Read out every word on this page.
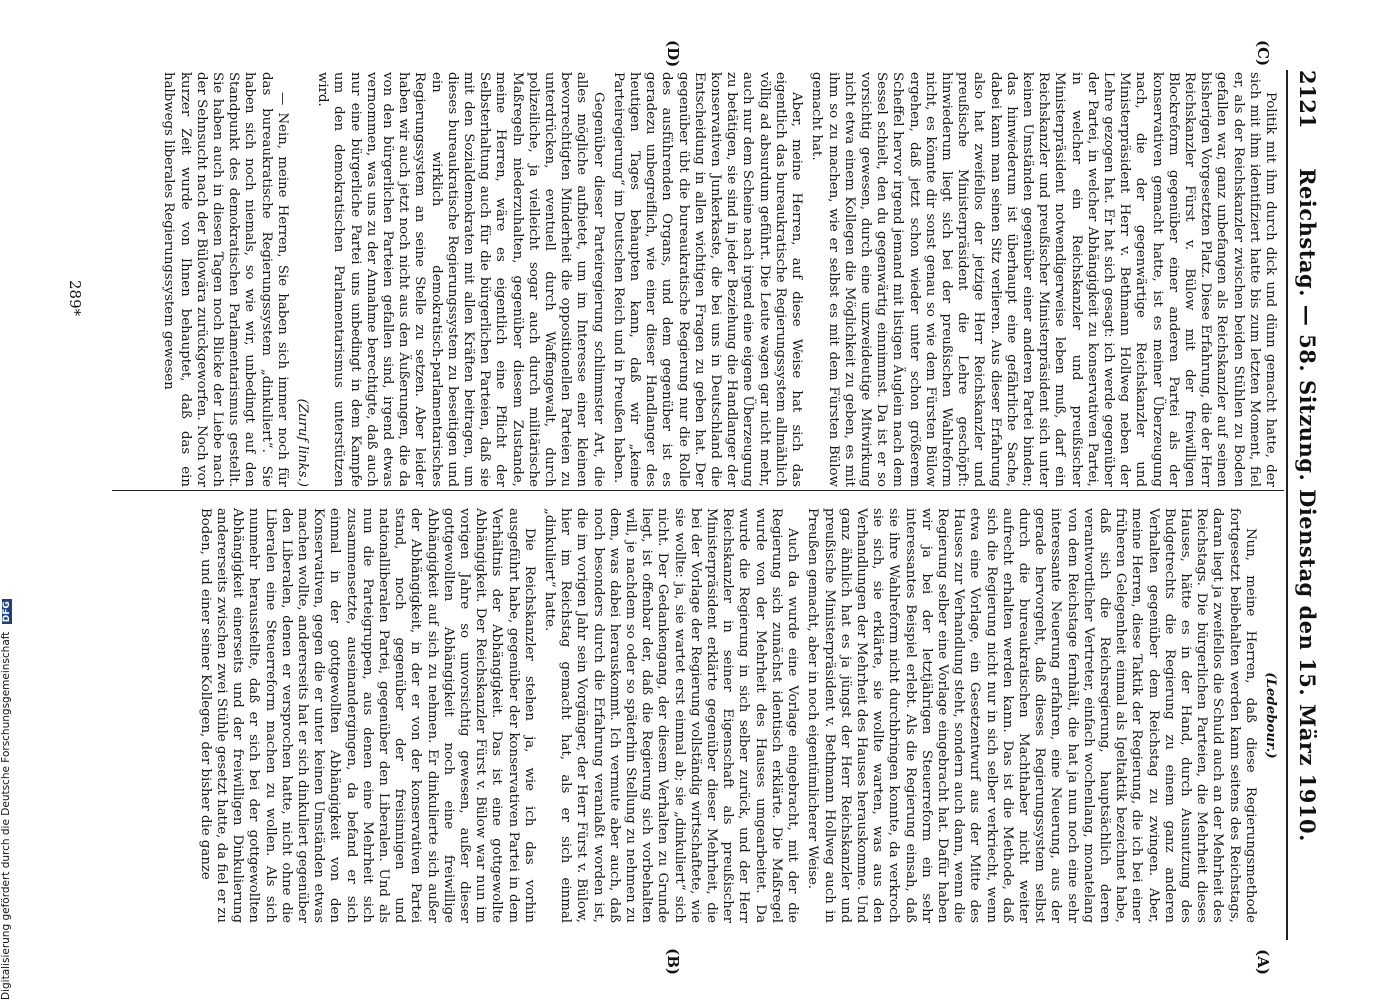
2121
Reichstag. — 58. Sitzung. Dienstag den 15. März 1910.
(C)
(D)
(A)
(B)

Politik mit ihm durch dick und dünn gemacht hatte, der sich mit ihm identifiziert hatte bis zum letzten Moment, fiel er, als der Reichskanzler zwischen beiden Stühlen zu Boden gefallen war, ganz unbefangen als Reichskanzler auf seinen bisherigen Vorgesetzten Platz. Diese Erfahrung, die der Herr Reichskanzler Fürst v. Bülow mit der freiwilligen Blockreform gegenüber einer anderen Partei als der konservativen gemacht hatte, ist es meiner Überzeugung nach, die der gegenwärtige Reichskanzler und Ministerpräsident Herr v. Bethmann Hollweg neben der Lehre gezogen hat. Er hat sich gesagt: ich werde gegenüber der Partei, in welcher Abhängigkeit zu konservativen Partei, in welcher ein Reichskanzler und preußischer Ministerpräsident notwendigerweise leben muß, darf ein Reichskanzler und preußischer Ministerpräsident sich unter keinen Umständen gegenüber einer anderen Partei binden; das hinwiederum ist überhaupt eine gefährliche Sache, dabei kann man seinen Sitz verlieren. Aus dieser Erfahrung also hat zweifellos der jetzige Herr Reichskanzler und preußische Ministerpräsident die Lehre geschöpft: hinwiederum liegt sich bei der preußischen Wahlreform nicht, es könnte dir sonst genau so wie dem Fürsten Bülow ergehen, daß jetzt schon wieder unter schon größerem Scheffel hervor irgend jemand mit listigen Äuglein nach dem Sessel schielt, den du gegenwärtig einnimmst. Da ist er so vorsichtig gewesen, durch eine unzweideutige Mitwirkung nicht etwa einem Kollegen die Möglichkeit zu geben, es mit ihm so zu machen, wie er selbst es mit dem Fürsten Bülow gemacht hat.

Aber, meine Herren, auf diese Weise hat sich das eigentlich das bureaukratische Regierungssystem allmählich völlig ad absurdum geführt. Die Leute wagen gar nicht mehr, auch nur dem Scheine nach irgend eine eigene Überzeugung zu betätigen, sie sind in jeder Beziehung die Handlanger der konservativen Junkerkaste, die bei uns in Deutschland die Entscheidung in allen wichtigen Fragen zu geben hat. Der gegenüber übt die bureaukratische Regierung nur die Rolle des ausführenden Organs, und dem gegenüber ist es geradezu unbegreiflich, wie einer dieser Handlanger des heutigen Tages behaupten kann, daß wir „keine Parteiregierung“ im Deutschen Reich und in Preußen haben.

Gegenüber dieser Parteiregierung schlimmster Art, die alles mögliche aufbietet, um im Interesse einer kleinen bevorrechtigten Minderheit die oppositionellen Parteien zu unterdrücken, eventuell durch Waffengewalt, durch polizeiliche, ja vielleicht sogar auch durch militärische Maßregeln niederzuhalten, gegenüber diesem Zustande, meine Herren, wäre es eigentlich eine Pflicht der Selbsterhaltung auch für die bürgerlichen Parteien, daß sie mit den Sozialdemokraten mit allen Kräften beitragen, um dieses bureaukratische Regierungssystem zu beseitigen und ein wirklich demokratisch-parlamentarisches Regierungssystem an seine Stelle zu setzen. Aber leider haben wir auch jetzt noch nicht aus den Äußerungen, die da von den bürgerlichen Parteien gefallen sind, irgend etwas vernommen, was uns zu der Annahme berechtigte, daß auch nur eine bürgerliche Partei uns unbedingt in dem Kampfe um den demokratischen Parlamentarismus unterstützen wird.

(Zuruf links.)

— Nein, meine Herren, Sie haben sich immer noch für das bureaukratische Regierungssystem „dinkuliert“. Sie haben sich noch niemals, so wie wir, unbedingt auf den Standpunkt des demokratischen Parlamentarismus gestellt. Sie haben auch in diesen Tagen noch Blicke der Liebe nach der Sehnsucht nach der Bülowära zurückgeworfen. Noch vor kurzer Zeit wurde von Ihnen behauptet, daß das ein halbwegs liberales Regierungssystem gewesen

(Ledebour.)

Nun, meine Herren, daß diese Regierungsmethode fortgesetzt beibehalten werden kann seitens des Reichstags, daran liegt ja zweifellos die Schuld auch an der Mehrheit des Reichstags. Die bürgerlichen Parteien, die Mehrheit dieses Hauses, hätte es in der Hand, durch Ausnutzung des Budgetrechts die Regierung zu einem ganz anderen Verhalten gegenüber dem Reichstag zu zwingen. Aber, meine Herren, diese Taktik der Regierung, die ich bei einer früheren Gelegenheit einmal als Igeltaktik bezeichnet habe, daß sich die Reichsregierung, hauptsächlich deren verantwortlicher Vertreter, einfach wochenlang, monatelang von dem Reichstage fernhält, die hat ja nun noch eine sehr interessante Neuerung erfahren, eine Neuerung, aus der gerade hervorgeht, daß dieses Regierungssystem selbst durch die bureaukratischen Machthaber nicht weiter aufrecht erhalten werden kann. Das ist die Methode, daß sich die Regierung nicht nur in sich selber verkriecht, wenn etwa eine Vorlage, ein Gesetzentwurf aus der Mitte des Hauses zur Verhandlung steht, sondern auch dann, wenn die Regierung selber eine Vorlage eingebracht hat. Dafür haben wir ja bei der letztjährigen Steuerreform ein sehr interessantes Beispiel erlebt. Als die Regierung einsah, daß sie ihre Wahlreform nicht durchbringen konnte, da verkroch sie sich, sie erklärte, sie wollte warten, was aus den Verhandlungen der Mehrheit des Hauses herauskomme. Und ganz ähnlich hat es ja jüngst der Herr Reichskanzler und preußische Ministerpräsident v. Bethmann Hollweg auch in Preußen gemacht, aber in noch eigentümlicherer Weise.

Auch da wurde eine Vorlage eingebracht, mit der die Regierung sich zunächst identisch erklärte. Die Maßregel wurde von der Mehrheit des Hauses umgearbeitet. Da wurde die Regierung in sich selber zurück, und der Herr Reichskanzler in seiner Eigenschaft als preußischer Ministerpräsident erklärte gegenüber dieser Mehrheit, die bei der Vorlage der Regierung vollständig wirtschaftete, wie sie wollte: ja, sie wartet erst einmal ab; sie „dinkuliert“ sich nicht. Der Gedankengang, der diesem Verhalten zu Grunde liegt, ist offenbar der, daß die Regierung sich vorbehalten will, je nachdem so oder so späterhin Stellung zu nehmen zu dem, was dabei herauskommt. Ich vermute aber auch, daß noch besonders durch die Erfahrung veranlaßt worden ist, die im vorigen Jahr sein Vorgänger, der Herr Fürst v. Bülow, hier im Reichstag gemacht hat, als er sich einmal „dinkuliert“ hatte.

Die Reichskanzler stehen ja, wie ich das vorhin ausgeführt habe, gegenüber der konservativen Partei in dem Verhältnis der Abhängigkeit. Das ist eine gottgewollte Abhängigkeit. Der Reichskanzler Fürst v. Bülow war nun im vorigen Jahre so unvorsichtig gewesen, außer dieser gottgewollten Abhängigkeit noch eine freiwillige Abhängigkeit auf sich zu nehmen. Er dinkulierte sich außer der Abhängigkeit, in der er von der konservativen Partei stand, noch gegenüber der freisinnigen und nationalliberalen Partei, gegenüber den Liberalen. Und als nun die Parteigruppen, aus denen eine Mehrheit sich zusammensetzte, auseinandergingen, da befand er sich einmal in der gottgewollten Abhängigkeit von den Konservativen, gegen die er unter keinen Umständen etwas machen wollte, andererseits hat er sich dinkuliert gegenüber den Liberalen, denen er versprochen hatte, nicht ohne die Liberalen eine Steuerreform machen zu wollen. Als sich nunmehr herausstellte, daß er sich bei der gottgewollten Abhängigkeit einerseits und der freiwilligen Dinkulierung andererseits zwischen zwei Stühle gesetzt hatte, da fiel er zu Boden, und einer seiner Kollegen, der bisher die ganze

289*
Digitalisierung gefördert durch die Deutsche Forschungsgemeinschaft DFG
